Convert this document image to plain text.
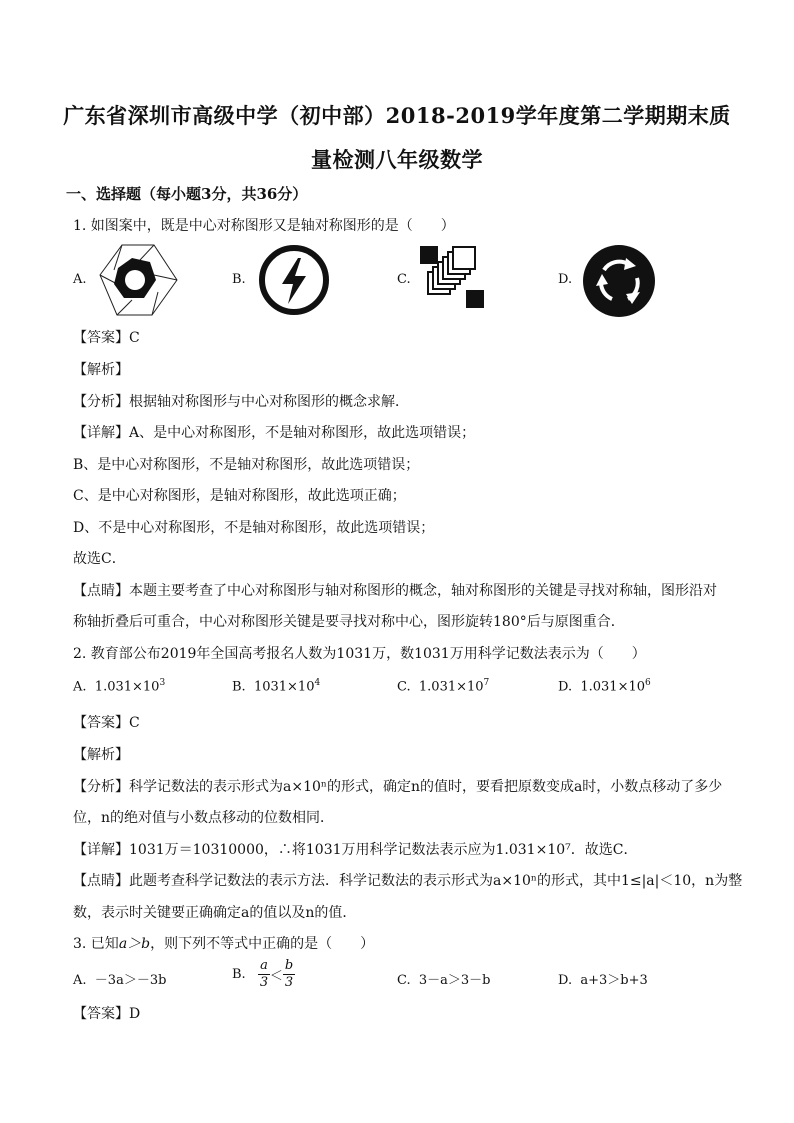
广东省深圳市高级中学（初中部）2018-2019学年度第二学期期末质
量检测八年级数学
一、选择题（每小题3分，共36分）
1. 如图案中，既是中心对称图形又是轴对称图形的是（　　）
A.	B.	C.	D.
【答案】C
【解析】
【分析】根据轴对称图形与中心对称图形的概念求解．
【详解】A、是中心对称图形，不是轴对称图形，故此选项错误；
B、是中心对称图形，不是轴对称图形，故此选项错误；
C、是中心对称图形，是轴对称图形，故此选项正确；
D、不是中心对称图形，不是轴对称图形，故此选项错误；
故选C．
【点睛】本题主要考查了中心对称图形与轴对称图形的概念，轴对称图形的关键是寻找对称轴，图形沿对
称轴折叠后可重合，中心对称图形关键是要寻找对称中心，图形旋转180°后与原图重合．
2. 教育部公布2019年全国高考报名人数为1031万，数1031万用科学记数法表示为（　　）
A. $1.031\times 10^3$	B. $1031\times 10^4$	C. $1.031\times 10^7$	D. $1.031\times 10^6$
【答案】C
【解析】
【分析】科学记数法的表示形式为a×10ⁿ的形式，确定n的值时，要看把原数变成a时，小数点移动了多少
位，n的绝对值与小数点移动的位数相同．
【详解】1031万＝10310000，∴将1031万用科学记数法表示应为1.031×10⁷．故选C．
【点睛】此题考查科学记数法的表示方法．科学记数法的表示形式为a×10ⁿ的形式，其中1≤|a|＜10，n为整
数，表示时关键要正确确定a的值以及n的值．
3. 已知a＞b，则下列不等式中正确的是（　　）
A. －3a＞－3b	B. $\frac{a}{3} < \frac{b}{3}$	C. 3－a＞3－b	D. a+3＞b+3
【答案】D
